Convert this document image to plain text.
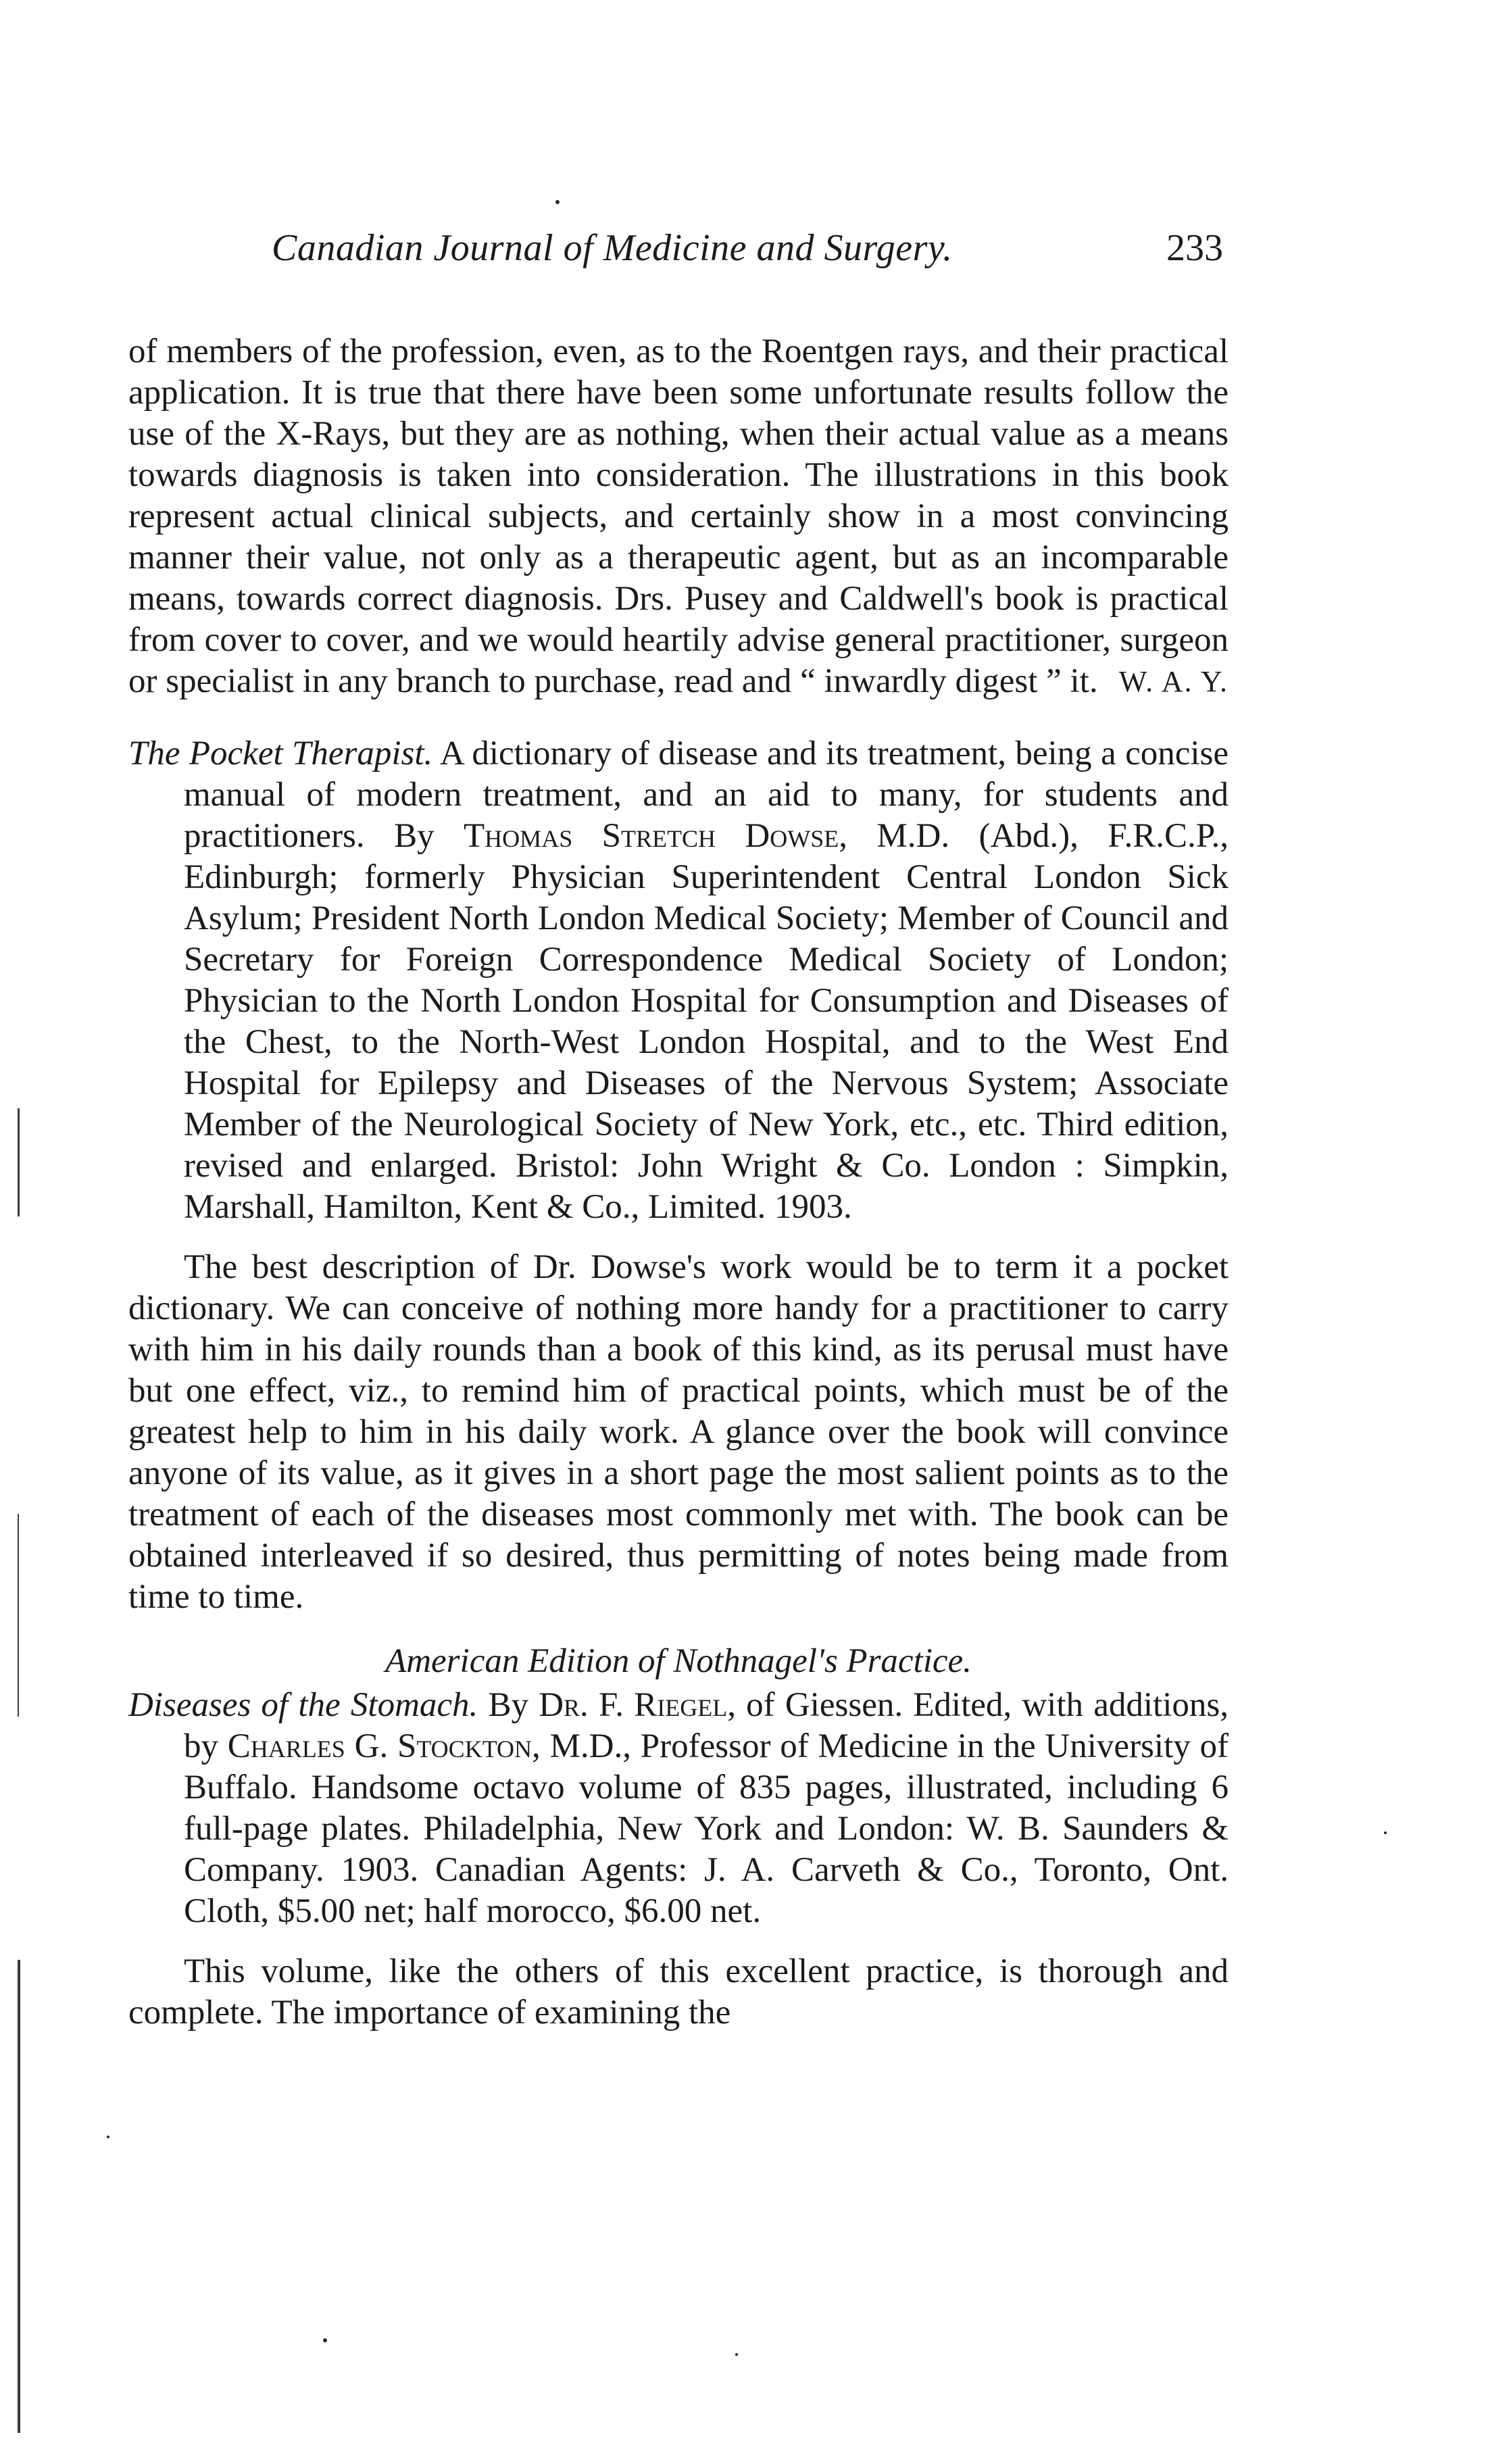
Canadian Journal of Medicine and Surgery.	233

of members of the profession, even, as to the Roentgen rays, and their practical application. It is true that there have been some unfortunate results follow the use of the X-Rays, but they are as nothing, when their actual value as a means towards diagnosis is taken into consideration. The illustrations in this book represent actual clinical subjects, and certainly show in a most convincing manner their value, not only as a therapeutic agent, but as an incomparable means, towards correct diagnosis. Drs. Pusey and Caldwell's book is practical from cover to cover, and we would heartily advise general practitioner, surgeon or specialist in any branch to purchase, read and “ inwardly digest ” it. W. A. Y.

The Pocket Therapist. A dictionary of disease and its treatment, being a concise manual of modern treatment, and an aid to many, for students and practitioners. By Thomas Stretch Dowse, M.D. (Abd.), F.R.C.P., Edinburgh; formerly Physician Superintendent Central London Sick Asylum; President North London Medical Society; Member of Council and Secretary for Foreign Correspondence Medical Society of London; Physician to the North London Hospital for Consumption and Diseases of the Chest, to the North-West London Hospital, and to the West End Hospital for Epilepsy and Diseases of the Nervous System; Associate Member of the Neurological Society of New York, etc., etc. Third edition, revised and enlarged. Bristol: John Wright & Co. London : Simpkin, Marshall, Hamilton, Kent & Co., Limited. 1903.

The best description of Dr. Dowse's work would be to term it a pocket dictionary. We can conceive of nothing more handy for a practitioner to carry with him in his daily rounds than a book of this kind, as its perusal must have but one effect, viz., to remind him of practical points, which must be of the greatest help to him in his daily work. A glance over the book will convince anyone of its value, as it gives in a short page the most salient points as to the treatment of each of the diseases most commonly met with. The book can be obtained interleaved if so desired, thus permitting of notes being made from time to time.

American Edition of Nothnagel's Practice.

Diseases of the Stomach. By Dr. F. Riegel, of Giessen. Edited, with additions, by Charles G. Stockton, M.D., Professor of Medicine in the University of Buffalo. Handsome octavo volume of 835 pages, illustrated, including 6 full-page plates. Philadelphia, New York and London: W. B. Saunders & Company. 1903. Canadian Agents: J. A. Carveth & Co., Toronto, Ont. Cloth, $5.00 net; half morocco, $6.00 net.

This volume, like the others of this excellent practice, is thorough and complete. The importance of examining the
